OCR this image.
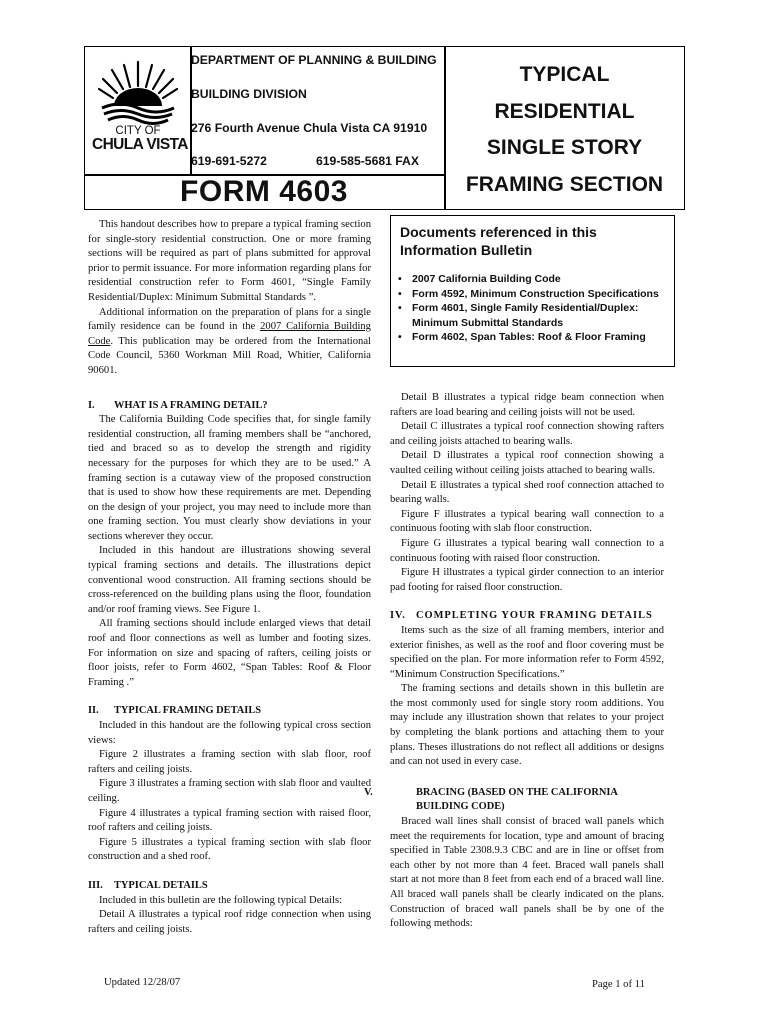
CITY OF
CHULA VISTA
DEPARTMENT OF PLANNING & BUILDING
BUILDING DIVISION
276 Fourth Avenue Chula Vista CA 91910
619-691-5272	619-585-5681 FAX
FORM 4603
TYPICAL
RESIDENTIAL
SINGLE STORY
FRAMING SECTION
Documents referenced in this Information Bulletin
• 2007 California Building Code
• Form 4592, Minimum Construction Specifications
• Form 4601, Single Family Residential/Duplex: Minimum Submittal Standards
• Form 4602, Span Tables: Roof & Floor Framing

This handout describes how to prepare a typical framing section for single-story residential construction. One or more framing sections will be required as part of plans submitted for approval prior to permit issuance. For more information regarding plans for residential construction refer to Form 4601, “Single Family Residential/Duplex: Minimum Submittal Standards ”.

Additional information on the preparation of plans for a single family residence can be found in the 2007 California Building Code. This publication may be ordered from the International Code Council, 5360 Workman Mill Road, Whitier, California 90601.

I. WHAT IS A FRAMING DETAIL?

The California Building Code specifies that, for single family residential construction, all framing members shall be “anchored, tied and braced so as to develop the strength and rigidity necessary for the purposes for which they are to be used.” A framing section is a cutaway view of the proposed construction that is used to show how these requirements are met. Depending on the design of your project, you may need to include more than one framing section. You must clearly show deviations in your sections wherever they occur.

Included in this handout are illustrations showing several typical framing sections and details. The illustrations depict conventional wood construction. All framing sections should be cross-referenced on the building plans using the floor, foundation and/or roof framing views. See Figure 1.

All framing sections should include enlarged views that detail roof and floor connections as well as lumber and footing sizes. For information on size and spacing of rafters, ceiling joists or floor joists, refer to Form 4602, “Span Tables: Roof & Floor Framing .”

II. TYPICAL FRAMING DETAILS

Included in this handout are the following typical cross section views:

Figure 2 illustrates a framing section with slab floor, roof rafters and ceiling joists.

Figure 3 illustrates a framing section with slab floor and vaulted ceiling.

Figure 4 illustrates a typical framing section with raised floor, roof rafters and ceiling joists.

Figure 5 illustrates a typical framing section with slab floor construction and a shed roof.

III. TYPICAL DETAILS

Included in this bulletin are the following typical Details:

Detail A illustrates a typical roof ridge connection when using rafters and ceiling joists.

Detail B illustrates a typical ridge beam connection when rafters are load bearing and ceiling joists will not be used.

Detail C illustrates a typical roof connection showing rafters and ceiling joists attached to bearing walls.

Detail D illustrates a typical roof connection showing a vaulted ceiling without ceiling joists attached to bearing walls.

Detail E illustrates a typical shed roof connection attached to bearing walls.

Figure F illustrates a typical bearing wall connection to a continuous footing with slab floor construction.

Figure G illustrates a typical bearing wall connection to a continuous footing with raised floor construction.

Figure H illustrates a typical girder connection to an interior pad footing for raised floor construction.

IV. COMPLETING YOUR FRAMING DETAILS

Items such as the size of all framing members, interior and exterior finishes, as well as the roof and floor covering must be specified on the plan. For more information refer to Form 4592, “Minimum Construction Specifications.”

The framing sections and details shown in this bulletin are the most commonly used for single story room additions. You may include any illustration shown that relates to your project by completing the blank portions and attaching them to your plans. Theses illustrations do not reflect all additions or designs and can not used in every case.

V.	BRACING (BASED ON THE CALIFORNIA BUILDING CODE)

Braced wall lines shall consist of braced wall panels which meet the requirements for location, type and amount of bracing specified in Table 2308.9.3 CBC and are in line or offset from each other by not more than 4 feet. Braced wall panels shall start at not more than 8 feet from each end of a braced wall line. All braced wall panels shall be clearly indicated on the plans. Construction of braced wall panels shall be by one of the following methods:

Updated 12/28/07	Page 1 of 11
